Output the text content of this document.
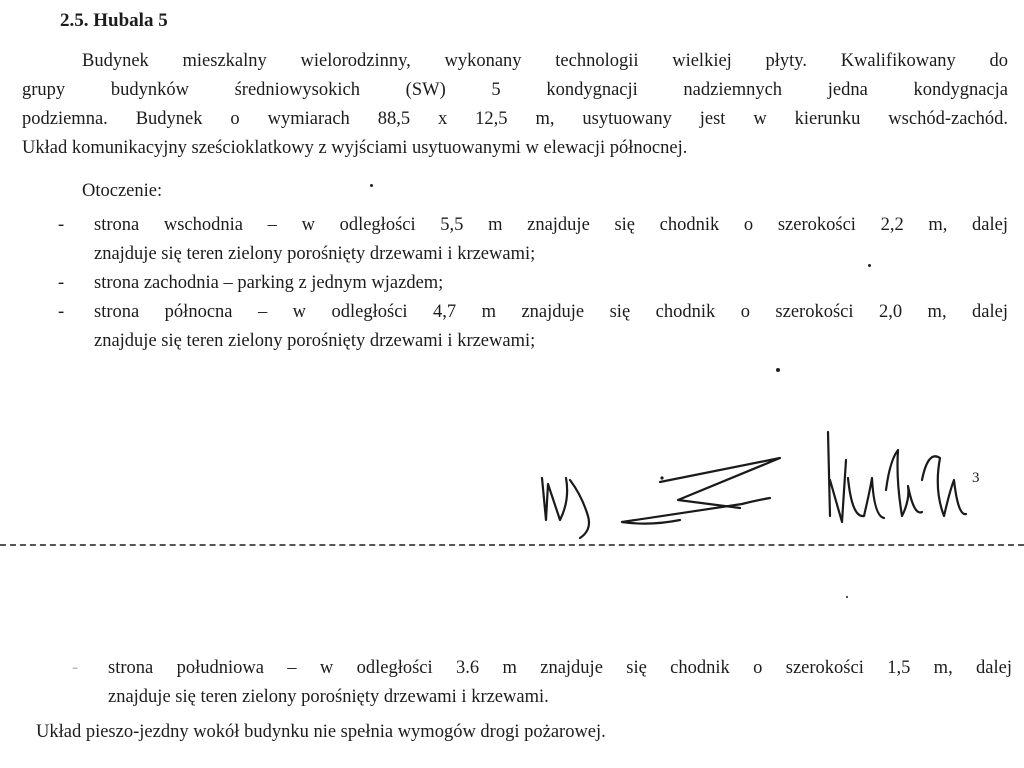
2.5. Hubala 5
Budynek mieszkalny wielorodzinny, wykonany technologii wielkiej płyty. Kwalifikowany do
grupy budynków średniowysokich (SW) 5 kondygnacji nadziemnych jedna kondygnacja
podziemna. Budynek o wymiarach 88,5 x 12,5 m, usytuowany jest w kierunku wschód-zachód.
Układ komunikacyjny sześcioklatkowy z wyjściami usytuowanymi w elewacji północnej.

Otoczenie:

- strona wschodnia – w odległości 5,5 m znajduje się chodnik o szerokości 2,2 m, dalej
znajduje się teren zielony porośnięty drzewami i krzewami;
- strona zachodnia – parking z jednym wjazdem;
- strona północna – w odległości 4,7 m znajduje się chodnik o szerokości 2,0 m, dalej
znajduje się teren zielony porośnięty drzewami i krzewami;
3
- strona południowa – w odległości 3.6 m znajduje się chodnik o szerokości 1,5 m, dalej
znajduje się teren zielony porośnięty drzewami i krzewami.

Układ pieszo-jezdny wokół budynku nie spełnia wymogów drogi pożarowej.
